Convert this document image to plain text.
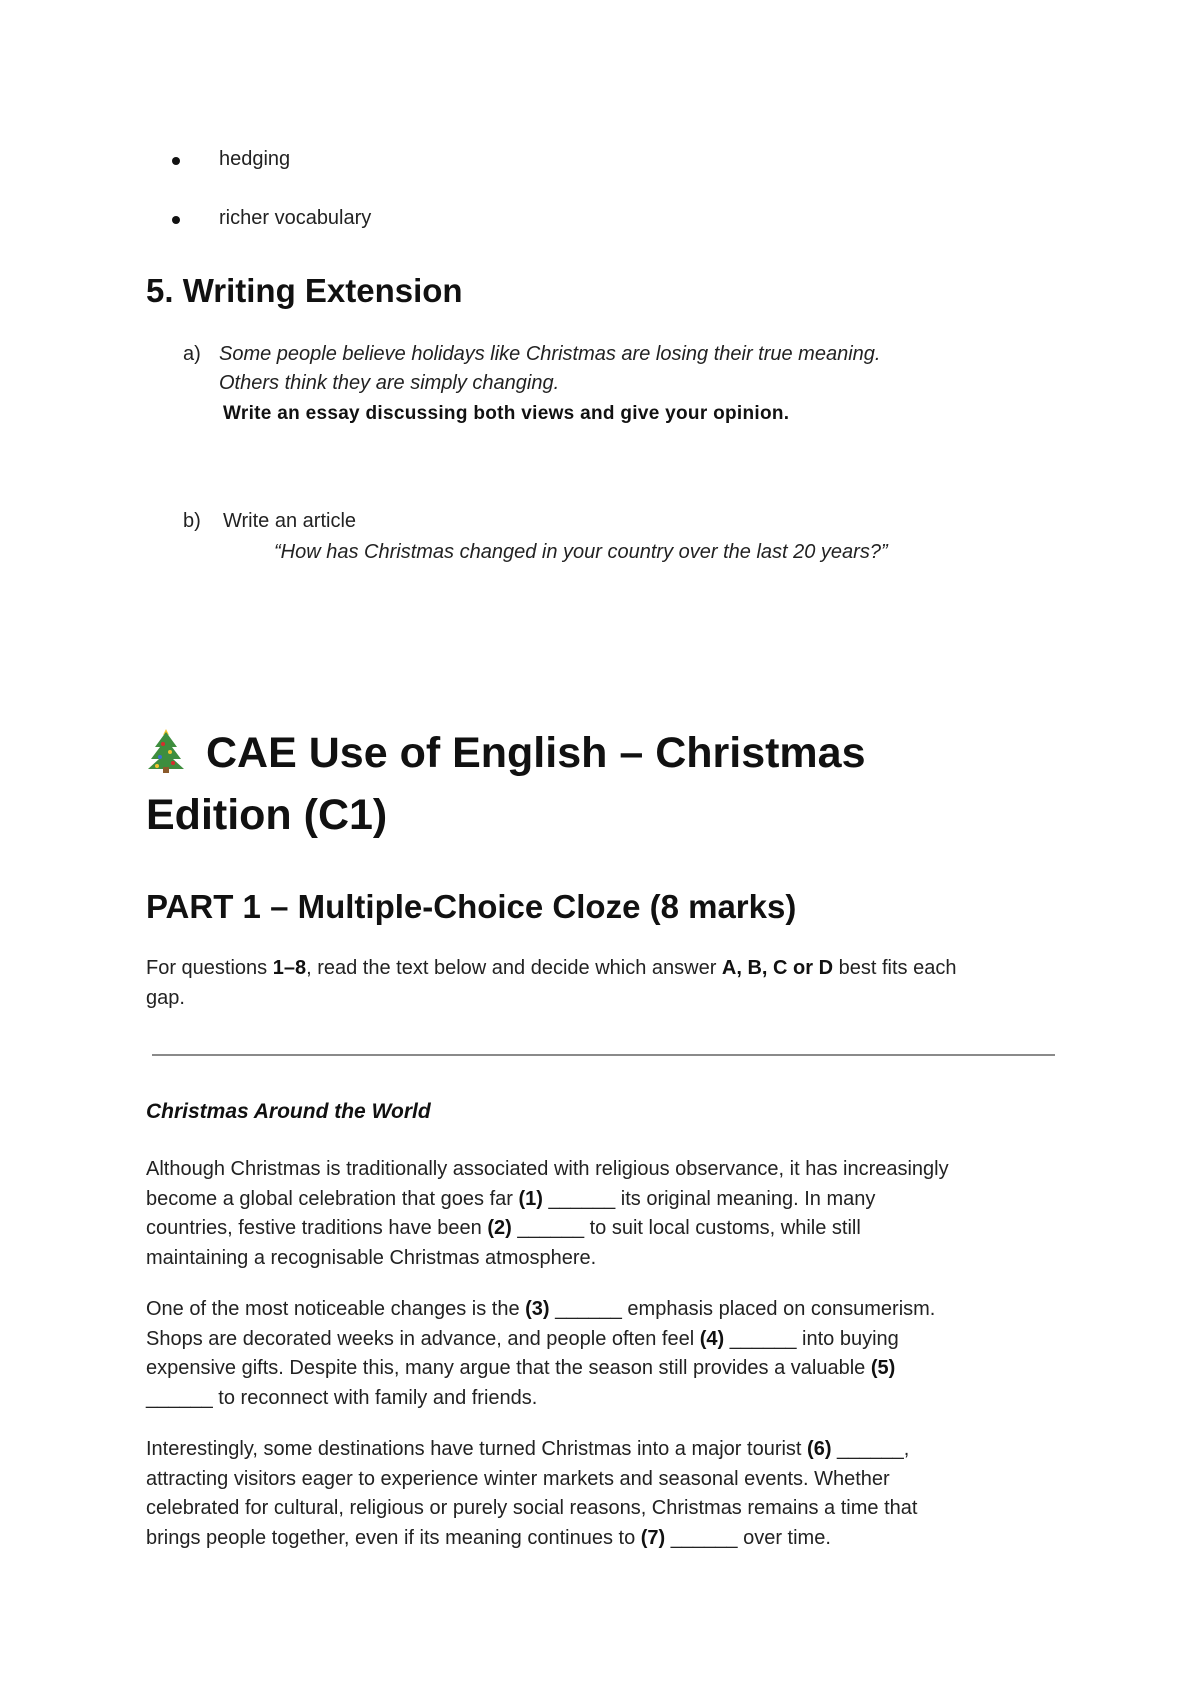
hedging
richer vocabulary
5. Writing Extension
a) Some people believe holidays like Christmas are losing their true meaning.
Others think they are simply changing.
Write an essay discussing both views and give your opinion.
b) Write an article
“How has Christmas changed in your country over the last 20 years?”
CAE Use of English – Christmas
Edition (C1)
PART 1 – Multiple-Choice Cloze (8 marks)
For questions 1–8, read the text below and decide which answer A, B, C or D best fits each
gap.
Christmas Around the World
Although Christmas is traditionally associated with religious observance, it has increasingly
become a global celebration that goes far (1) ______ its original meaning. In many
countries, festive traditions have been (2) ______ to suit local customs, while still
maintaining a recognisable Christmas atmosphere.
One of the most noticeable changes is the (3) ______ emphasis placed on consumerism.
Shops are decorated weeks in advance, and people often feel (4) ______ into buying
expensive gifts. Despite this, many argue that the season still provides a valuable (5)
______ to reconnect with family and friends.
Interestingly, some destinations have turned Christmas into a major tourist (6) ______,
attracting visitors eager to experience winter markets and seasonal events. Whether
celebrated for cultural, religious or purely social reasons, Christmas remains a time that
brings people together, even if its meaning continues to (7) ______ over time.
